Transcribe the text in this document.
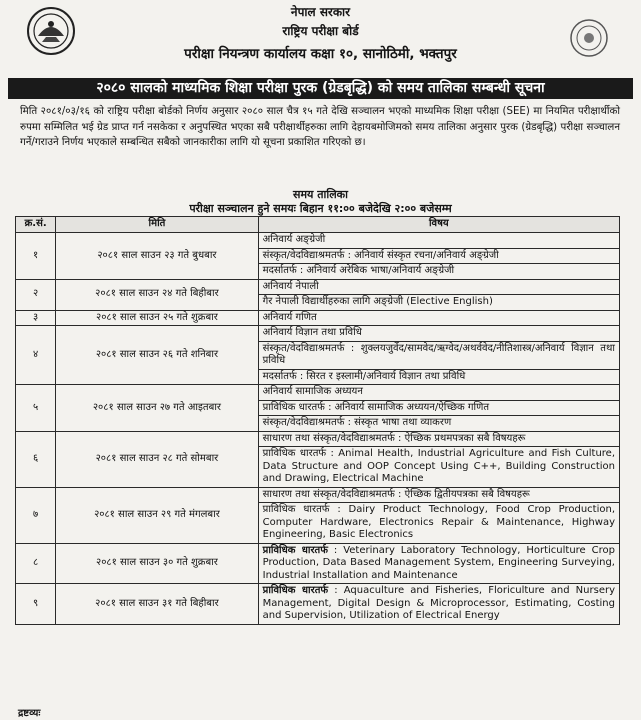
नेपाल सरकार
राष्ट्रिय परीक्षा बोर्ड
परीक्षा नियन्त्रण कार्यालय कक्षा १०, सानोठिमी, भक्तपुर
२०८० सालको माध्यमिक शिक्षा परीक्षा पुरक (ग्रेडबृद्धि) को समय तालिका सम्बन्धी सूचना
मिति २०८१/०३/१६ को राष्ट्रिय परीक्षा बोर्डको निर्णय अनुसार २०८० साल चैत्र १५ गते देखि सञ्चालन भएको माध्यमिक शिक्षा परीक्षा (SEE) मा नियमित परीक्षार्थीको रुपमा सम्मिलित भई ग्रेड प्राप्त गर्न नसकेका र अनुपस्थित भएका सबै परीक्षार्थीहरुका लागि देहायबमोजिमको समय तालिका अनुसार पुरक (ग्रेडबृद्धि) परीक्षा सञ्चालन गर्ने/गराउने निर्णय भएकाले सम्बन्धित सबैको जानकारीका लागि यो सूचना प्रकाशित गरिएको छ।
समय तालिका
परीक्षा सञ्चालन हुने समयः बिहान ११:०० बजेदेखि २:०० बजेसम्म
क्र.सं.	मिति	विषय
१	२०८१ साल साउन २३ गते बुधबार	अनिवार्य अङ्ग्रेजी
		संस्कृत/वेदविद्याश्रमतर्फ : अनिवार्य संस्कृत रचना/अनिवार्य अङ्ग्रेजी
		मदर्सातर्फ : अनिवार्य अरेबिक भाषा/अनिवार्य अङ्ग्रेजी
२	२०८१ साल साउन २४ गते बिहीबार	अनिवार्य नेपाली
		गैर नेपाली विद्यार्थीहरुका लागि अङ्ग्रेजी (Elective English)
३	२०८१ साल साउन २५ गते शुक्रबार	अनिवार्य गणित
४	२०८१ साल साउन २६ गते शनिबार	अनिवार्य विज्ञान तथा प्रविधि
		संस्कृत/वेदविद्याश्रमतर्फ : शुक्लयजुर्वेद/सामवेद/ऋग्वेद/अथर्ववेद/नीतिशास्त्र/अनिवार्य विज्ञान तथा प्रविधि
		मदर्सातर्फ : सिरत र इस्लामी/अनिवार्य विज्ञान तथा प्रविधि
५	२०८१ साल साउन २७ गते आइतबार	अनिवार्य सामाजिक अध्ययन
		प्राविधिक धारतर्फ : अनिवार्य सामाजिक अध्ययन/ऐच्छिक गणित
		संस्कृत/वेदविद्याश्रमतर्फ : संस्कृत भाषा तथा व्याकरण
६	२०८१ साल साउन २८ गते सोमबार	साधारण तथा संस्कृत/वेदविद्याश्रमतर्फ : ऐच्छिक प्रथमपत्रका सबै विषयहरू
		प्राविधिक धारतर्फ : Animal Health, Industrial Agriculture and Fish Culture, Data Structure and OOP Concept Using C++, Building Construction and Drawing, Electrical Machine
७	२०८१ साल साउन २९ गते मंगलबार	साधारण तथा संस्कृत/वेदविद्याश्रमतर्फ : ऐच्छिक द्वितीयपत्रका सबै विषयहरू
		प्राविधिक धारतर्फ : Dairy Product Technology, Food Crop Production, Computer Hardware, Electronics Repair & Maintenance, Highway Engineering, Basic Electronics
८	२०८१ साल साउन ३० गते शुक्रबार	प्राविधिक धारतर्फ : Veterinary Laboratory Technology, Horticulture Crop Production, Data Based Management System, Engineering Surveying, Industrial Installation and Maintenance
९	२०८१ साल साउन ३१ गते बिहीबार	प्राविधिक धारतर्फ : Aquaculture and Fisheries, Floriculture and Nursery Management, Digital Design & Microprocessor, Estimating, Costing and Supervision, Utilization of Electrical Energy
द्रष्टव्यः
